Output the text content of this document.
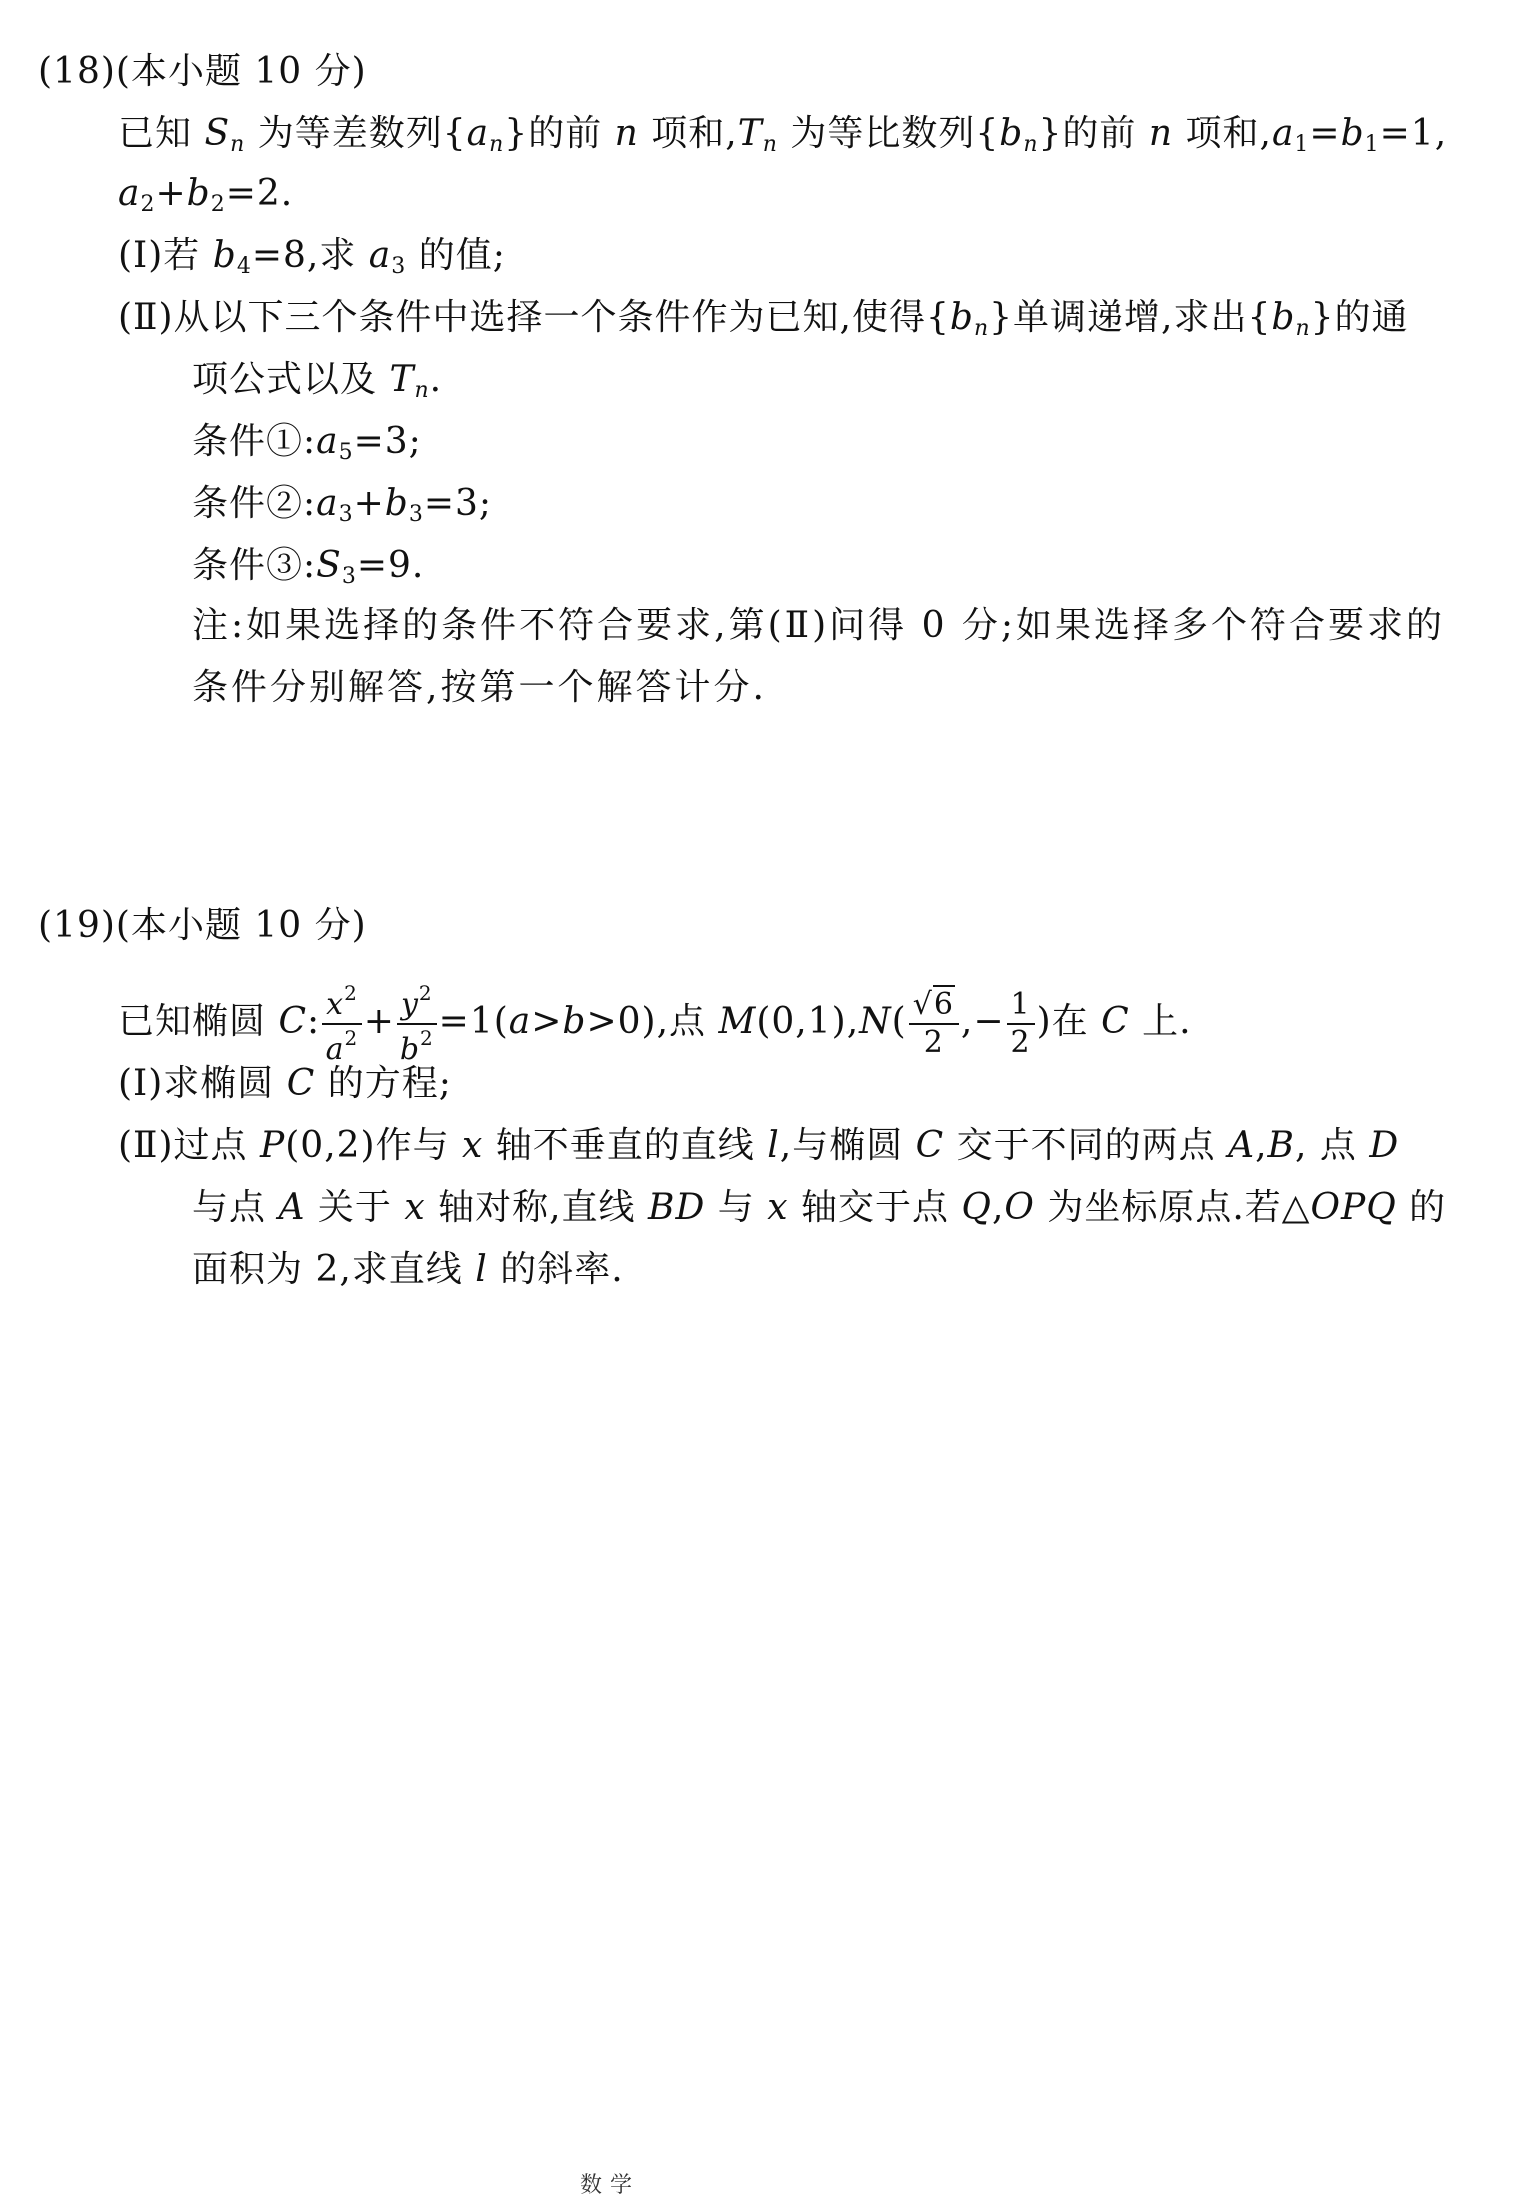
(18)(本小题 10 分)
已知 $S_n$ 为等差数列$\{a_n\}$的前 n 项和$,T_n$ 为等比数列$\{b_n\}$的前 n 项和$,a_1=b_1=1$,
$a_2+b_2=2$.
(Ⅰ)若 $b_4=8$,求 $a_3$ 的值;
(Ⅱ)从以下三个条件中选择一个条件作为已知,使得$\{b_n\}$单调递增,求出$\{b_n\}$的通
项公式以及 $T_n$.
条件$①:a_5=3$;
条件$②:a_3+b_3=3$;
条件$③:S_3=9$.
注:如果选择的条件不符合要求,第(Ⅱ)问得 0 分;如果选择多个符合要求的
条件分别解答,按第一个解答计分.
(19)(本小题 10 分)
已知椭圆 C: $\frac{x^2}{a^2} + \frac{y^2}{b^2} =1(a>b>0)$,点 $M(0,1),N( \frac{√6}{2}$ ,− $\frac{1}{2}$ )在 C 上.
(Ⅰ)求椭圆 C 的方程;
(Ⅱ)过点 P(0,2)作与 x 轴不垂直的直线 l,与椭圆 C 交于不同的两点 A,B, 点 D
与点 A 关于 x 轴对称,直线 BD 与 x 轴交于点 Q,O 为坐标原点.若△OPQ 的
面积为 2,求直线 l 的斜率.
数学
